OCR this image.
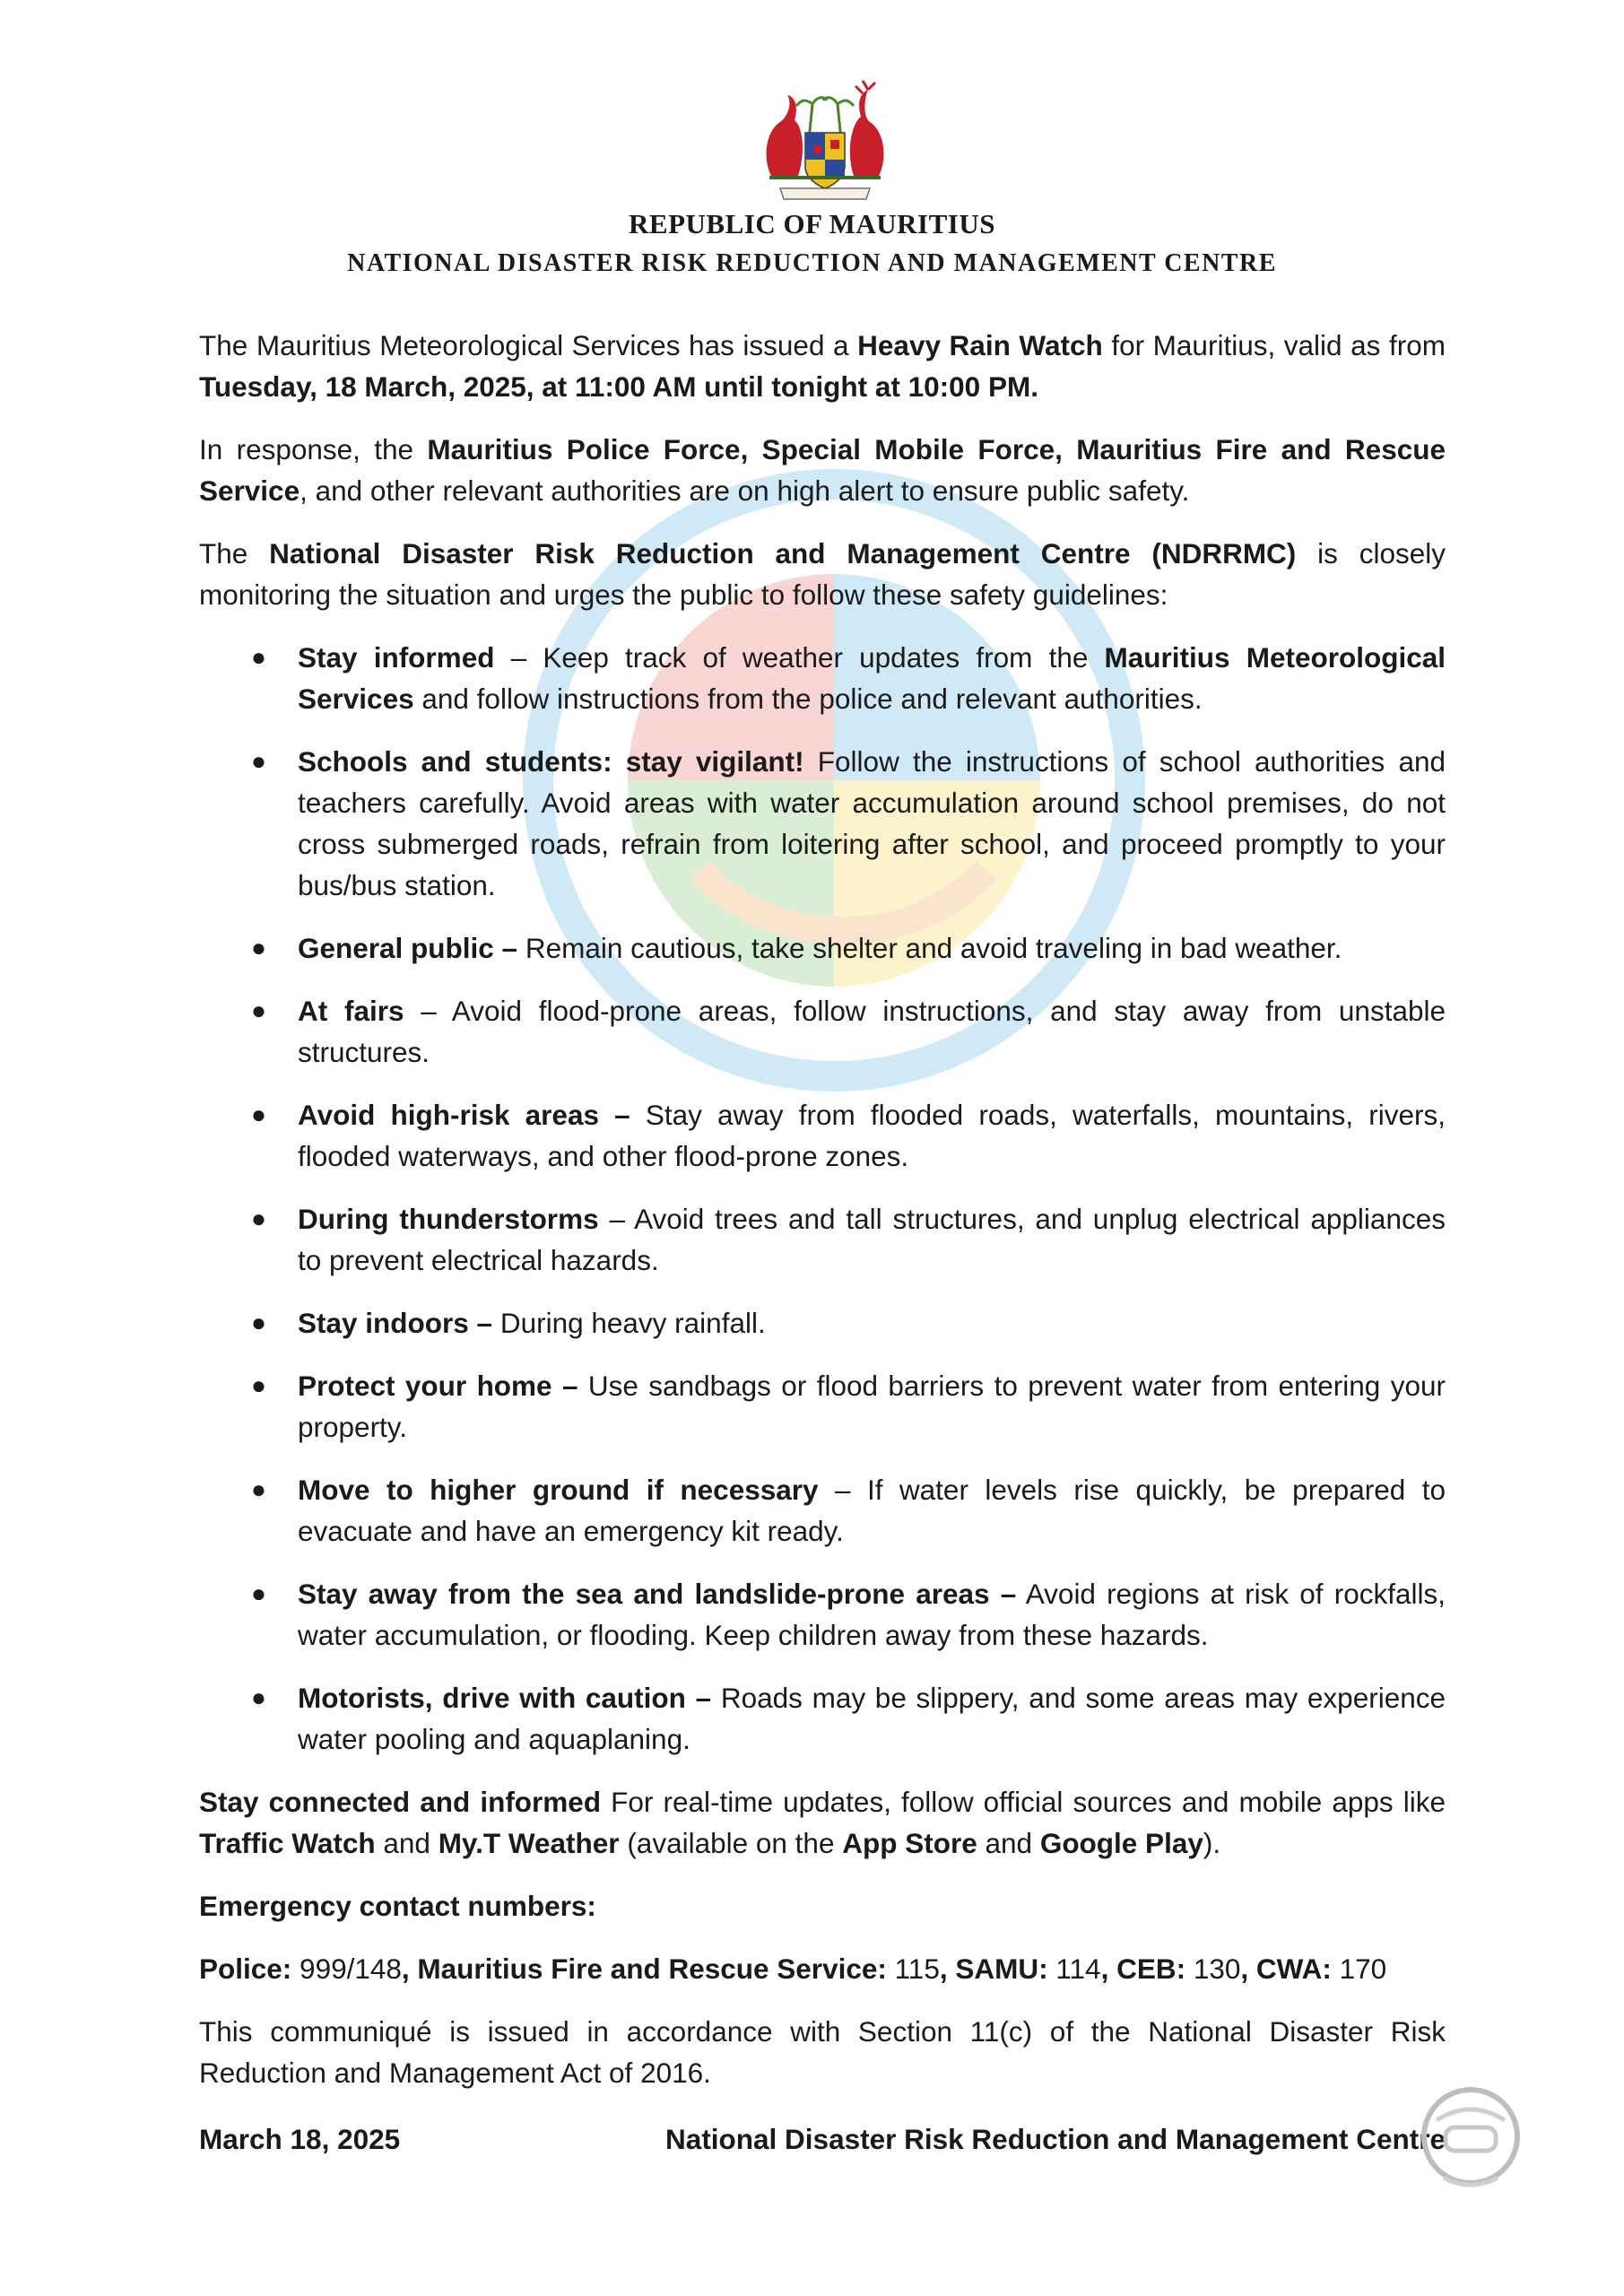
REPUBLIC OF MAURITIUS
NATIONAL DISASTER RISK REDUCTION AND MANAGEMENT CENTRE

The Mauritius Meteorological Services has issued a Heavy Rain Watch for Mauritius, valid as from Tuesday, 18 March, 2025, at 11:00 AM until tonight at 10:00 PM.

In response, the Mauritius Police Force, Special Mobile Force, Mauritius Fire and Rescue Service, and other relevant authorities are on high alert to ensure public safety.

The National Disaster Risk Reduction and Management Centre (NDRRMC) is closely monitoring the situation and urges the public to follow these safety guidelines:

● Stay informed – Keep track of weather updates from the Mauritius Meteorological Services and follow instructions from the police and relevant authorities.
● Schools and students: stay vigilant! Follow the instructions of school authorities and teachers carefully. Avoid areas with water accumulation around school premises, do not cross submerged roads, refrain from loitering after school, and proceed promptly to your bus/bus station.
● General public – Remain cautious, take shelter and avoid traveling in bad weather.
● At fairs – Avoid flood-prone areas, follow instructions, and stay away from unstable structures.
● Avoid high-risk areas – Stay away from flooded roads, waterfalls, mountains, rivers, flooded waterways, and other flood-prone zones.
● During thunderstorms – Avoid trees and tall structures, and unplug electrical appliances to prevent electrical hazards.
● Stay indoors – During heavy rainfall.
● Protect your home – Use sandbags or flood barriers to prevent water from entering your property.
● Move to higher ground if necessary – If water levels rise quickly, be prepared to evacuate and have an emergency kit ready.
● Stay away from the sea and landslide-prone areas – Avoid regions at risk of rockfalls, water accumulation, or flooding. Keep children away from these hazards.
● Motorists, drive with caution – Roads may be slippery, and some areas may experience water pooling and aquaplaning.

Stay connected and informed For real-time updates, follow official sources and mobile apps like Traffic Watch and My.T Weather (available on the App Store and Google Play).

Emergency contact numbers:

Police: 999/148, Mauritius Fire and Rescue Service: 115, SAMU: 114, CEB: 130, CWA: 170

This communiqué is issued in accordance with Section 11(c) of the National Disaster Risk Reduction and Management Act of 2016.

March 18, 2025	National Disaster Risk Reduction and Management Centre
